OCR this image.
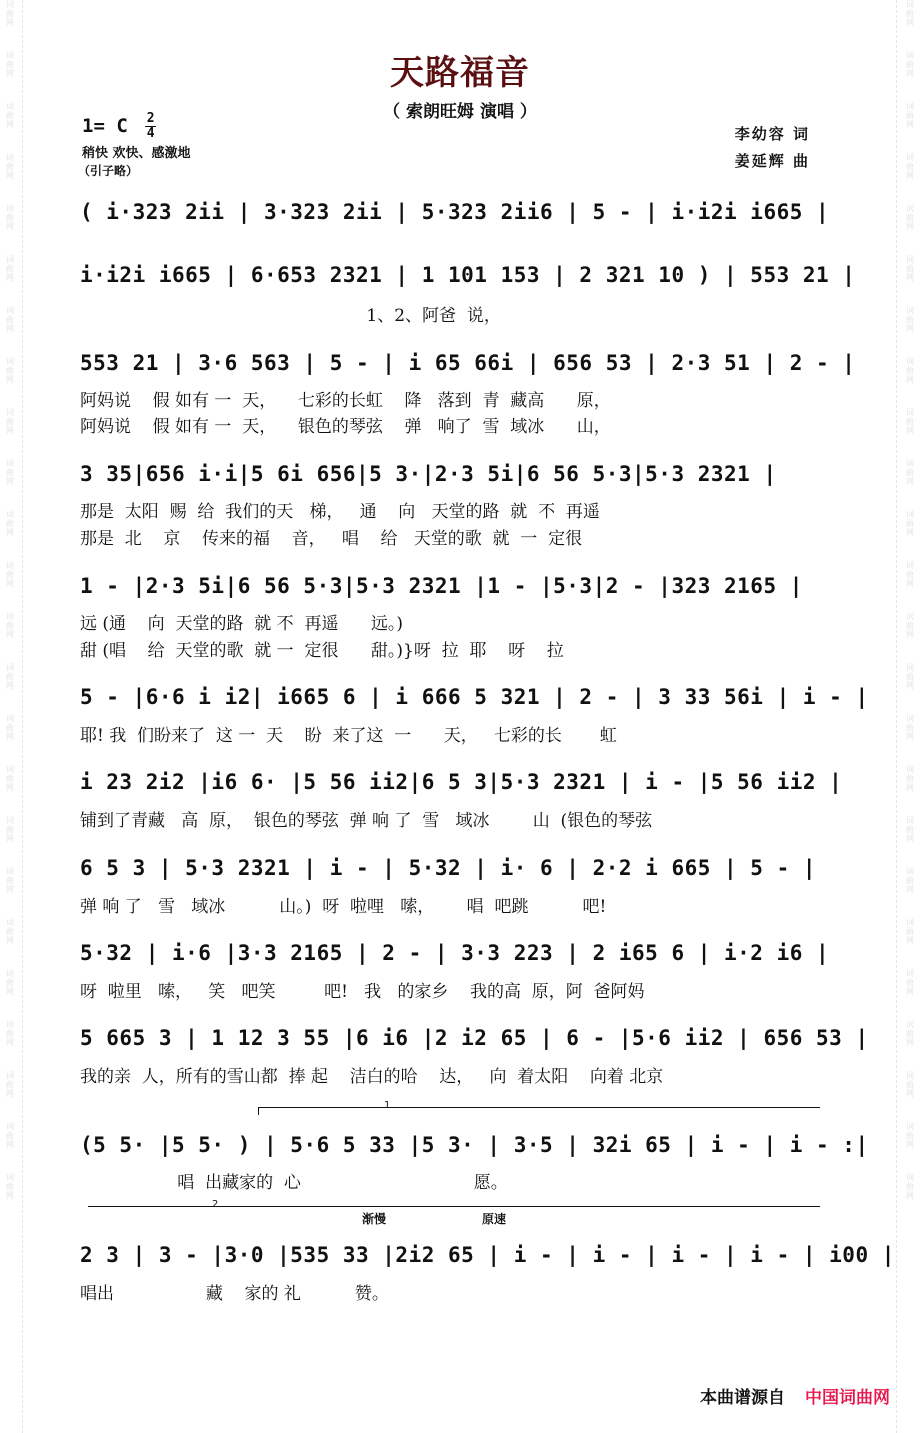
词
曲
网
词
曲
网
词
曲
网
词
曲
网
词
曲
网
词
曲
网
词
曲
网
词
曲
网
词
曲
网
词
曲
网
词
曲
网
词
曲
网
词
曲
网
词
曲
网
词
曲
网
词
曲
网
词
曲
网
词
曲
网
词
曲
网
词
曲
网
词
曲
网
词
曲
网
词
曲
网
词
曲
网
词
曲
网
词
曲
网
词
曲
网
词
曲
网
词
曲
网
词
曲
网
词
曲
网
词
曲
网
词
曲
网
词
曲
网
词
曲
网
词
曲
网
词
曲
网
词
曲
网
词
曲
网
词
曲
网
词
曲
网
词
曲
网
词
曲
网
词
曲
网
词
曲
网
词
曲
网
词
曲
网
词
曲
网
天路福音
（ 索朗旺姆 演唱 ）
1= C $\frac{2}{4}$
稍快 欢快、感激地
（引子略）
李幼容 词
姜延辉 曲
( i·323 2ii | 3·323 2ii | 5·323 2ii6 | 5 - | i·i2i i665 |
i·i2i i665 | 6·653 2321 | 1 101 153 | 2 321 10 ) | 553 21 |
1、2、阿爸  说，
553 21 | 3·6 563 | 5 - | i 65 66i | 656 53 | 2·3 51 | 2 - |
阿妈说    假 如有 一  天，    七彩的长虹    降   落到  青  藏高      原，
阿妈说    假 如有 一  天，    银色的琴弦    弹   响了  雪  域冰      山，
3 35|656 i·i|5 6i 656|5 3·|2·3 5i|6 56 5·3|5·3 2321 |
那是  太阳  赐  给  我们的天   梯，   通    向   天堂的路  就  不  再遥
那是  北    京    传来的福    音，   唱    给   天堂的歌  就  一  定很
1 - |2·3 5i|6 56 5·3|5·3 2321 |1 - |5·3|2 - |323 2165 |
远 (通    向  天堂的路  就 不  再遥      远。)
甜 (唱    给  天堂的歌  就 一  定很      甜。)}呀  拉  耶    呀    拉
5 - |6·6 i i2| i665 6 | i 666 5 321 | 2 - | 3 33 56i | i - |
耶! 我  们盼来了  这 一  天    盼  来了这  一      天，   七彩的长       虹
i 23 2i2 |i6 6· |5 56 ii2|6 5 3|5·3 2321 | i - |5 56 ii2 |
铺到了青藏   高  原，  银色的琴弦  弹 响 了  雪   域冰        山  (银色的琴弦
6 5 3 | 5·3 2321 | i - | 5·32 | i· 6 | 2·2 i 665 | 5 - |
弹 响 了   雪   域冰          山。)  呀  啦哩   嗦，      唱  吧跳          吧!
5·32 | i·6 |3·3 2165 | 2 - | 3·3 223 | 2 i65 6 | i·2 i6 |
呀  啦里   嗦，   笑   吧笑         吧!   我   的家乡    我的高  原，阿  爸阿妈
5 665 3 | 1 12 3 55 |6 i6 |2 i2 65 | 6 - |5·6 ii2 | 656 53 |
我的亲  人，所有的雪山都  捧 起    洁白的哈    达，   向  着太阳    向着 北京
1
(5 5· |5 5· ) | 5·6 5 33 |5 3· | 3·5 | 32i 65 | i - | i - :|
唱  出藏家的  心                                愿。
2
渐慢	原速
2 3 | 3 - |3·0 |535 33 |2i2 65 | i - | i - | i - | i - | i00 |
唱出                 藏    家的 礼          赞。
本曲谱源自 中国词曲网
